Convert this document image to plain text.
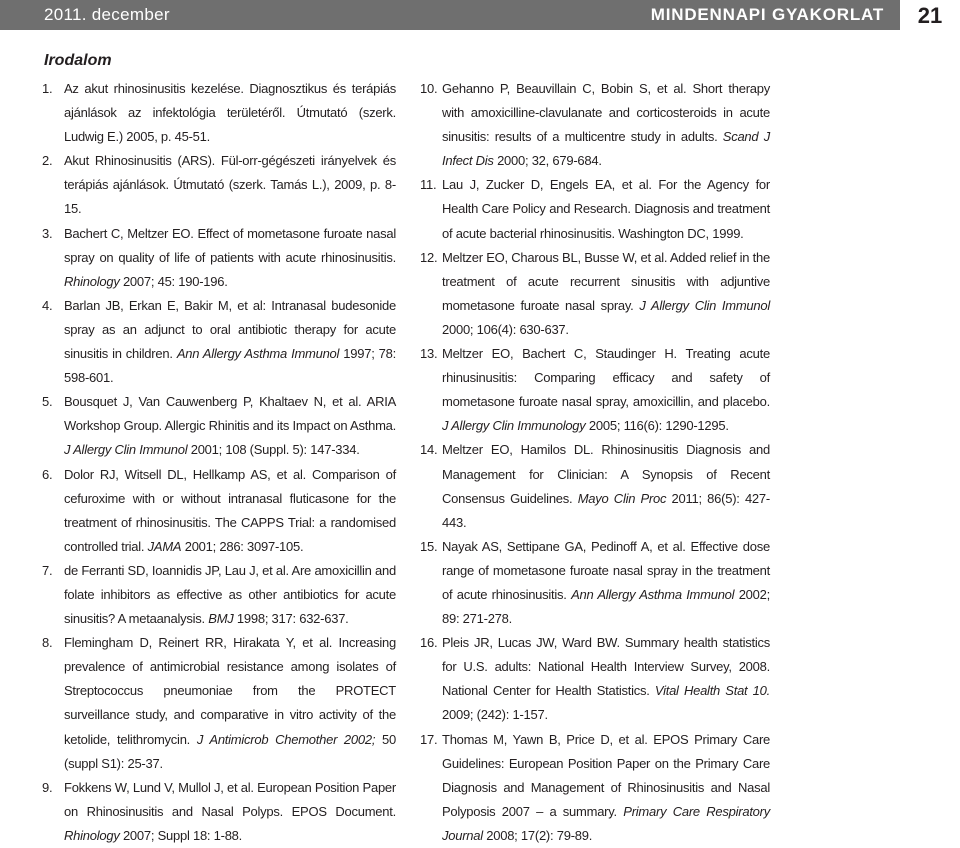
2011. december	MINDENNAPI GYAKORLAT	21
Irodalom
1. Az akut rhinosinusitis kezelése. Diagnosztikus és terápiás ajánlások az infektológia területéről. Útmutató (szerk. Ludwig E.) 2005, p. 45-51.
2. Akut Rhinosinusitis (ARS). Fül-orr-gégészeti irányelvek és terápiás ajánlások. Útmutató (szerk. Tamás L.), 2009, p. 8-15.
3. Bachert C, Meltzer EO. Effect of mometasone furoate nasal spray on quality of life of patients with acute rhinosinusitis. Rhinology 2007; 45: 190-196.
4. Barlan JB, Erkan E, Bakir M, et al: Intranasal budesonide spray as an adjunct to oral antibiotic therapy for acute sinusitis in children. Ann Allergy Asthma Immunol 1997; 78: 598-601.
5. Bousquet J, Van Cauwenberg P, Khaltaev N, et al. ARIA Workshop Group. Allergic Rhinitis and its Impact on Asthma. J Allergy Clin Immunol 2001; 108 (Suppl. 5): 147-334.
6. Dolor RJ, Witsell DL, Hellkamp AS, et al. Comparison of cefuroxime with or without intranasal fluticasone for the treatment of rhinosinusitis. The CAPPS Trial: a randomised controlled trial. JAMA 2001; 286: 3097-105.
7. de Ferranti SD, Ioannidis JP, Lau J, et al. Are amoxicillin and folate inhibitors as effective as other antibiotics for acute sinusitis? A metaanalysis. BMJ 1998; 317: 632-637.
8. Flemingham D, Reinert RR, Hirakata Y, et al. Increasing prevalence of antimicrobial resistance among isolates of Streptococcus pneumoniae from the PROTECT surveillance study, and comparative in vitro activity of the ketolide, telithromycin. J Antimicrob Chemother 2002; 50 (suppl S1): 25-37.
9. Fokkens W, Lund V, Mullol J, et al. European Position Paper on Rhinosinusitis and Nasal Polyps. EPOS Document. Rhinology 2007; Suppl 18: 1-88.
10. Gehanno P, Beauvillain C, Bobin S, et al. Short therapy with amoxicilline-clavulanate and corticosteroids in acute sinusitis: results of a multicentre study in adults. Scand J Infect Dis 2000; 32, 679-684.
11. Lau J, Zucker D, Engels EA, et al. For the Agency for Health Care Policy and Research. Diagnosis and treatment of acute bacterial rhinosinusitis. Washington DC, 1999.
12. Meltzer EO, Charous BL, Busse W, et al. Added relief in the treatment of acute recurrent sinusitis with adjuntive mometasone furoate nasal spray. J Allergy Clin Immunol 2000; 106(4): 630-637.
13. Meltzer EO, Bachert C, Staudinger H. Treating acute rhinusinusitis: Comparing efficacy and safety of mometasone furoate nasal spray, amoxicillin, and placebo. J Allergy Clin Immunology 2005; 116(6): 1290-1295.
14. Meltzer EO, Hamilos DL. Rhinosinusitis Diagnosis and Management for Clinician: A Synopsis of Recent Consensus Guidelines. Mayo Clin Proc 2011; 86(5): 427-443.
15. Nayak AS, Settipane GA, Pedinoff A, et al. Effective dose range of mometasone furoate nasal spray in the treatment of acute rhinosinusitis. Ann Allergy Asthma Immunol 2002; 89: 271-278.
16. Pleis JR, Lucas JW, Ward BW. Summary health statistics for U.S. adults: National Health Interview Survey, 2008. National Center for Health Statistics. Vital Health Stat 10. 2009; (242): 1-157.
17. Thomas M, Yawn B, Price D, et al. EPOS Primary Care Guidelines: European Position Paper on the Primary Care Diagnosis and Management of Rhinosinusitis and Nasal Polyposis 2007 – a summary. Primary Care Respiratory Journal 2008; 17(2): 79-89.
